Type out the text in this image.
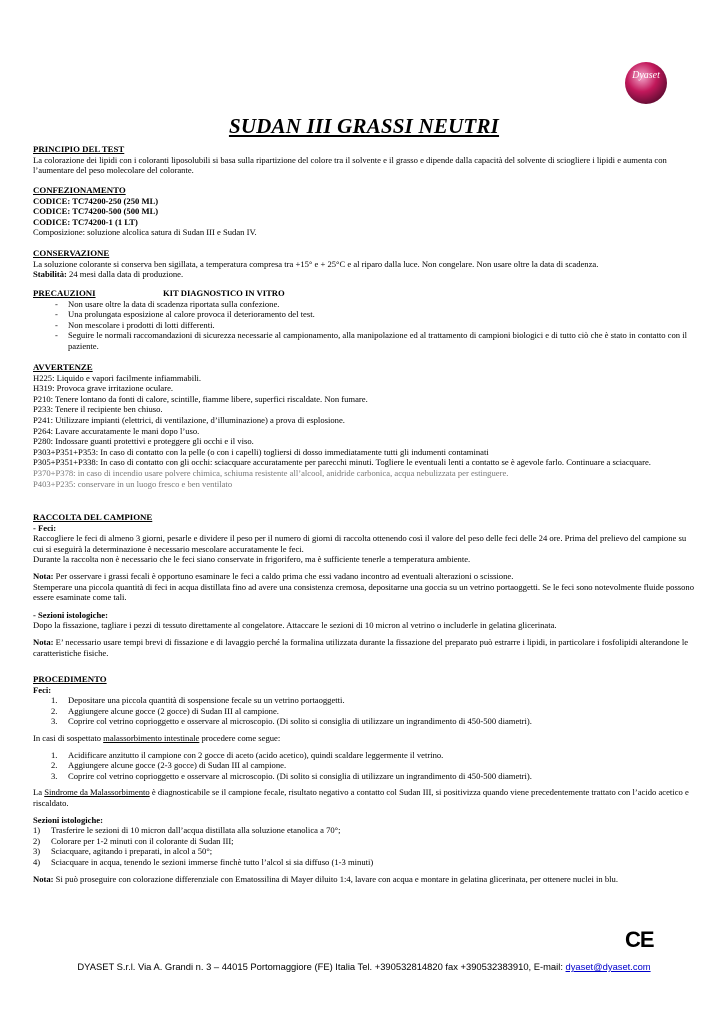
Dyaset
SUDAN III GRASSI NEUTRI
PRINCIPIO DEL TEST
La colorazione dei lipidi con i coloranti liposolubili si basa sulla ripartizione del colore tra il solvente e il grasso e dipende dalla capacità del solvente di sciogliere i lipidi e aumenta con l’aumentare del peso molecolare del colorante.
CONFEZIONAMENTO
CODICE: TC74200-250 (250 ML)
CODICE: TC74200-500 (500 ML)
CODICE: TC74200-1 (1 LT)
Composizione: soluzione alcolica satura di Sudan III e Sudan IV.
CONSERVAZIONE
La soluzione colorante si conserva ben sigillata, a temperatura compresa tra +15° e + 25°C e al riparo dalla luce. Non congelare. Non usare oltre la data di scadenza.
Stabilità: 24 mesi dalla data di produzione.
PRECAUZIONI	KIT DIAGNOSTICO IN VITRO
- Non usare oltre la data di scadenza riportata sulla confezione.
- Una prolungata esposizione al calore provoca il deterioramento del test.
- Non mescolare i prodotti di lotti differenti.
- Seguire le normali raccomandazioni di sicurezza necessarie al campionamento, alla manipolazione ed al trattamento di campioni biologici e di tutto ciò che è stato in contatto con il paziente.
AVVERTENZE
H225: Liquido e vapori facilmente infiammabili.
H319: Provoca grave irritazione oculare.
P210: Tenere lontano da fonti di calore, scintille, fiamme libere, superfici riscaldate. Non fumare.
P233: Tenere il recipiente ben chiuso.
P241: Utilizzare impianti (elettrici, di ventilazione, d’illuminazione) a prova di esplosione.
P264: Lavare accuratamente le mani dopo l’uso.
P280: Indossare guanti protettivi e proteggere gli occhi e il viso.
P303+P351+P353: In caso di contatto con la pelle (o con i capelli) togliersi di dosso immediatamente tutti gli indumenti contaminati
P305+P351+P338: In caso di contatto con gli occhi: sciacquare accuratamente per parecchi minuti. Togliere le eventuali lenti a contatto se è agevole farlo. Continuare a sciacquare.
P370+P378: in caso di incendio usare polvere chimica, schiuma resistente all’alcool, anidride carbonica, acqua nebulizzata per estinguere.
P403+P235: conservare in un luogo fresco e ben ventilato
RACCOLTA DEL CAMPIONE
- Feci:
Raccogliere le feci di almeno 3 giorni, pesarle e dividere il peso per il numero di giorni di raccolta ottenendo così il valore del peso delle feci delle 24 ore. Prima del prelievo del campione su cui si eseguirà la determinazione è necessario mescolare accuratamente le feci.
Durante la raccolta non è necessario che le feci siano conservate in frigorifero, ma è sufficiente tenerle a temperatura ambiente.
Nota: Per osservare i grassi fecali è opportuno esaminare le feci a caldo prima che essi vadano incontro ad eventuali alterazioni o scissione.
Stemperare una piccola quantità di feci in acqua distillata fino ad avere una consistenza cremosa, depositarne una goccia su un vetrino portaoggetti. Se le feci sono notevolmente fluide possono essere esaminate come tali.
- Sezioni istologiche:
Dopo la fissazione, tagliare i pezzi di tessuto direttamente al congelatore. Attaccare le sezioni di 10 micron al vetrino o includerle in gelatina glicerinata.
Nota: E’ necessario usare tempi brevi di fissazione e di lavaggio perché la formalina utilizzata durante la fissazione del preparato può estrarre i lipidi, in particolare i fosfolipidi alterandone le caratteristiche fisiche.
PROCEDIMENTO
Feci:
1. Depositare una piccola quantità di sospensione fecale su un vetrino portaoggetti.
2. Aggiungere alcune gocce (2 gocce) di Sudan III al campione.
3. Coprire col vetrino coprioggetto e osservare al microscopio. (Di solito si consiglia di utilizzare un ingrandimento di 450-500 diametri).
In casi di sospettato malassorbimento intestinale procedere come segue:
1. Acidificare anzitutto il campione con 2 gocce di aceto (acido acetico), quindi scaldare leggermente il vetrino.
2. Aggiungere alcune gocce (2-3 gocce) di Sudan III al campione.
3. Coprire col vetrino coprioggetto e osservare al microscopio. (Di solito si consiglia di utilizzare un ingrandimento di 450-500 diametri).
La Sindrome da Malassorbimento è diagnosticabile se il campione fecale, risultato negativo a contatto col Sudan III, si positivizza quando viene precedentemente trattato con l’acido acetico e riscaldato.
Sezioni istologiche:
1) Trasferire le sezioni di 10 micron dall’acqua distillata alla soluzione etanolica a 70°;
2) Colorare per 1-2 minuti con il colorante di Sudan III;
3) Sciacquare, agitando i preparati, in alcol a 50°;
4) Sciacquare in acqua, tenendo le sezioni immerse finchè tutto l’alcol si sia diffuso (1-3 minuti)
Nota: Si può proseguire con colorazione differenziale con Ematossilina di Mayer diluito 1:4, lavare con acqua e montare in gelatina glicerinata, per ottenere nuclei in blu.
CE
DYASET S.r.l. Via A. Grandi n. 3 – 44015 Portomaggiore (FE) Italia Tel. +390532814820 fax +390532383910, E-mail: dyaset@dyaset.com
